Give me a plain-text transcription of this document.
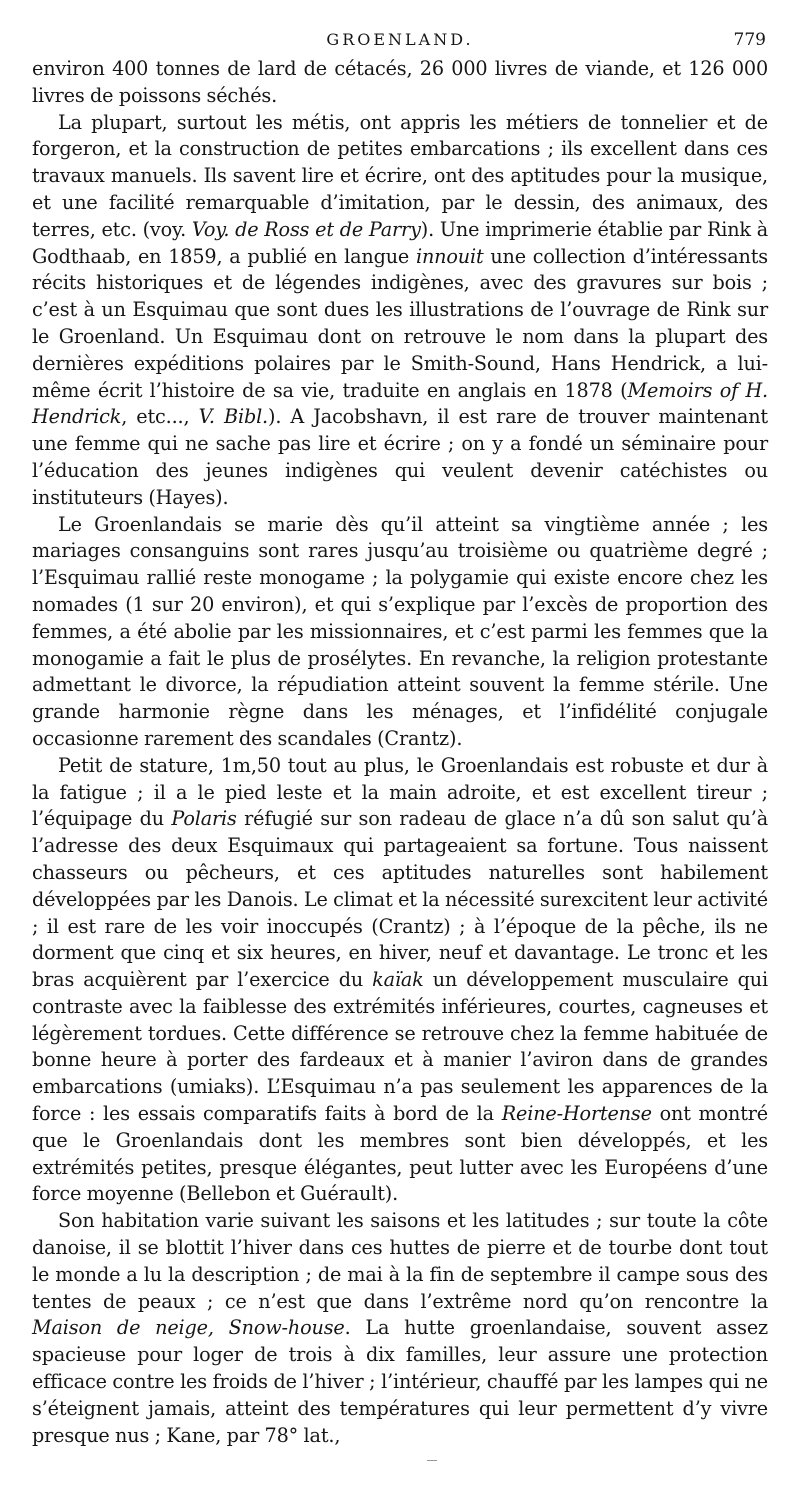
GROENLAND.	779

environ 400 tonnes de lard de cétacés, 26 000 livres de viande, et 126 000 livres de poissons séchés.

La plupart, surtout les métis, ont appris les métiers de tonnelier et de forgeron, et la construction de petites embarcations ; ils excellent dans ces travaux manuels. Ils savent lire et écrire, ont des aptitudes pour la musique, et une facilité remarquable d’imitation, par le dessin, des animaux, des terres, etc. (voy. Voy. de Ross et de Parry). Une imprimerie établie par Rink à Godthaab, en 1859, a publié en langue innouit une collection d’intéressants récits historiques et de légendes indigènes, avec des gravures sur bois ; c’est à un Esquimau que sont dues les illustrations de l’ouvrage de Rink sur le Groenland. Un Esquimau dont on retrouve le nom dans la plupart des dernières expéditions polaires par le Smith-Sound, Hans Hendrick, a lui-même écrit l’histoire de sa vie, traduite en anglais en 1878 (Memoirs of H. Hendrick, etc..., V. Bibl.). A Jacobshavn, il est rare de trouver maintenant une femme qui ne sache pas lire et écrire ; on y a fondé un séminaire pour l’éducation des jeunes indigènes qui veulent devenir catéchistes ou instituteurs (Hayes).

Le Groenlandais se marie dès qu’il atteint sa vingtième année ; les mariages consanguins sont rares jusqu’au troisième ou quatrième degré ; l’Esquimau rallié reste monogame ; la polygamie qui existe encore chez les nomades (1 sur 20 environ), et qui s’explique par l’excès de proportion des femmes, a été abolie par les missionnaires, et c’est parmi les femmes que la monogamie a fait le plus de prosélytes. En revanche, la religion protestante admettant le divorce, la répudiation atteint souvent la femme stérile. Une grande harmonie règne dans les ménages, et l’infidélité conjugale occasionne rarement des scandales (Crantz).

Petit de stature, 1m,50 tout au plus, le Groenlandais est robuste et dur à la fatigue ; il a le pied leste et la main adroite, et est excellent tireur ; l’équipage du Polaris réfugié sur son radeau de glace n’a dû son salut qu’à l’adresse des deux Esquimaux qui partageaient sa fortune. Tous naissent chasseurs ou pêcheurs, et ces aptitudes naturelles sont habilement développées par les Danois. Le climat et la nécessité surexcitent leur activité ; il est rare de les voir inoccupés (Crantz) ; à l’époque de la pêche, ils ne dorment que cinq et six heures, en hiver, neuf et davantage. Le tronc et les bras acquièrent par l’exercice du kaïak un développement musculaire qui contraste avec la faiblesse des extrémités inférieures, courtes, cagneuses et légèrement tordues. Cette différence se retrouve chez la femme habituée de bonne heure à porter des fardeaux et à manier l’aviron dans de grandes embarcations (umiaks). L’Esquimau n’a pas seulement les apparences de la force : les essais comparatifs faits à bord de la Reine-Hortense ont montré que le Groenlandais dont les membres sont bien développés, et les extrémités petites, presque élégantes, peut lutter avec les Européens d’une force moyenne (Bellebon et Guérault).

Son habitation varie suivant les saisons et les latitudes ; sur toute la côte danoise, il se blottit l’hiver dans ces huttes de pierre et de tourbe dont tout le monde a lu la description ; de mai à la fin de septembre il campe sous des tentes de peaux ; ce n’est que dans l’extrême nord qu’on rencontre la Maison de neige, Snow-house. La hutte groenlandaise, souvent assez spacieuse pour loger de trois à dix familles, leur assure une protection efficace contre les froids de l’hiver ; l’intérieur, chauffé par les lampes qui ne s’éteignent jamais, atteint des températures qui leur permettent d’y vivre presque nus ; Kane, par 78° lat.,
